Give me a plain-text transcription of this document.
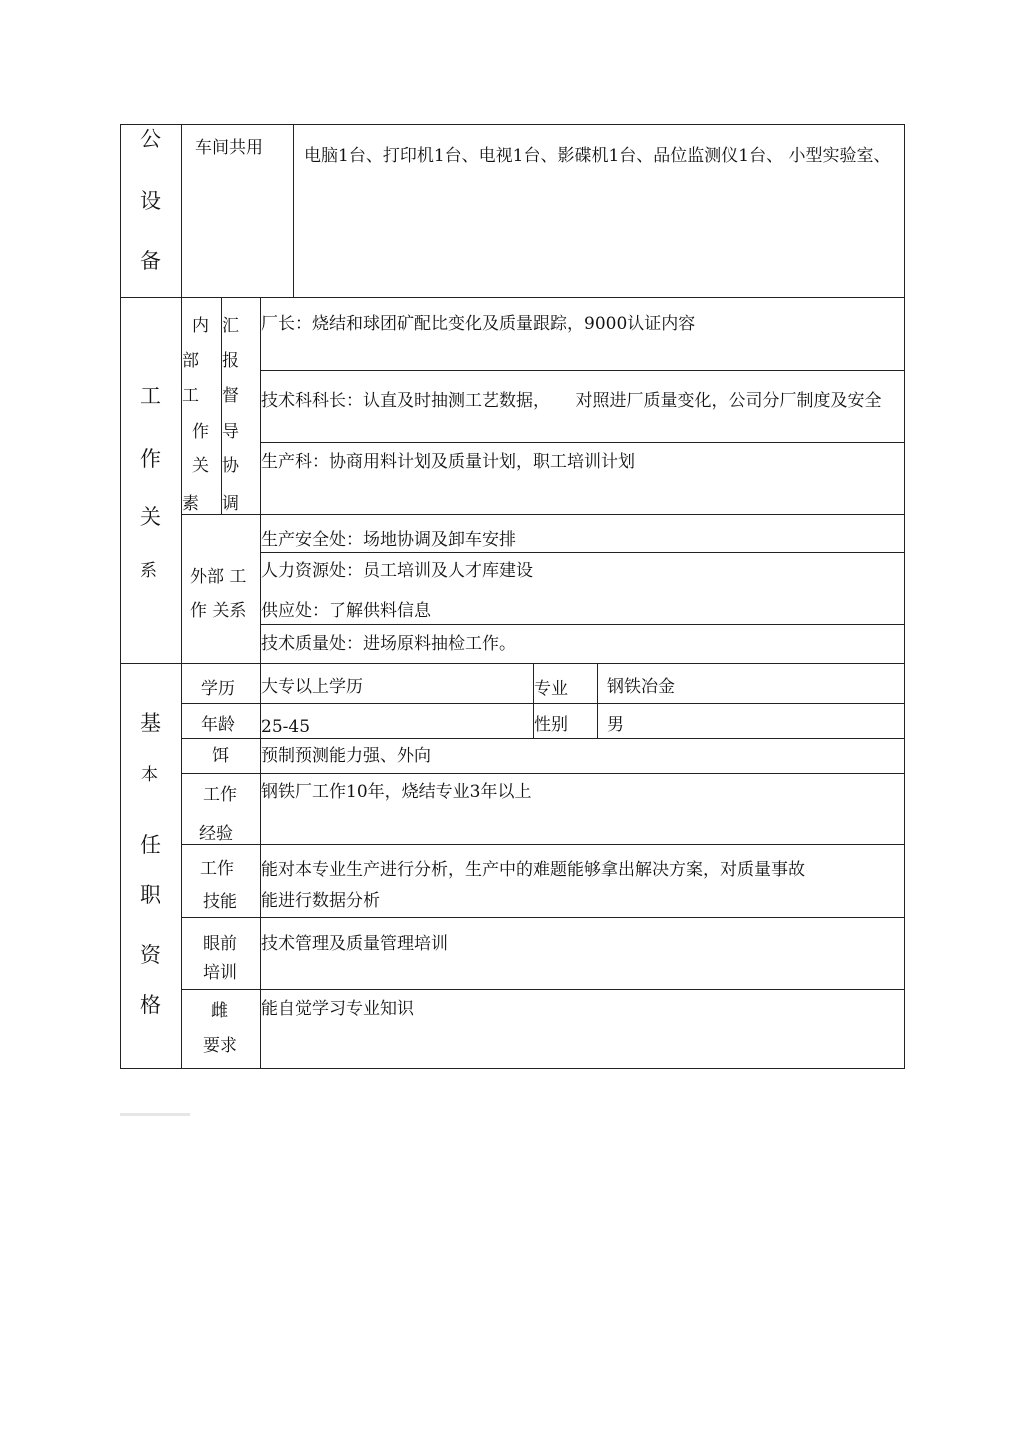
公
设
备
车间共用 电脑1台、打印机1台、电视1台、影碟机1台、品位监测仪1台、 小型实验室、
工
作
关
系
内
部
工
作
关
素
汇
报
督
导
协
调
厂长：烧结和球团矿配比变化及质量跟踪，9000认证内容
技术科科长：认直及时抽测工艺数据，　　对照进厂质量变化，公司分厂制度及安全
生产科：协商用料计划及质量计划，职工培训计划
外部 工
作 关系
生产安全处：场地协调及卸车安排
人力资源处：员工培训及人才库建设
供应处：了解供料信息
技术质量处：进场原料抽检工作。
基
本
任
职
资
格
学历 大专以上学历	专业 钢铁冶金
年龄 25-45	性别 男
饵 预制预测能力强、外向
工作
经验
钢铁厂工作10年，烧结专业3年以上
工作
技能
能对本专业生产进行分析，生产中的难题能够拿出解决方案，对质量事故
能进行数据分析
眼前
培训
技术管理及质量管理培训
雌
要求
能自觉学习专业知识
